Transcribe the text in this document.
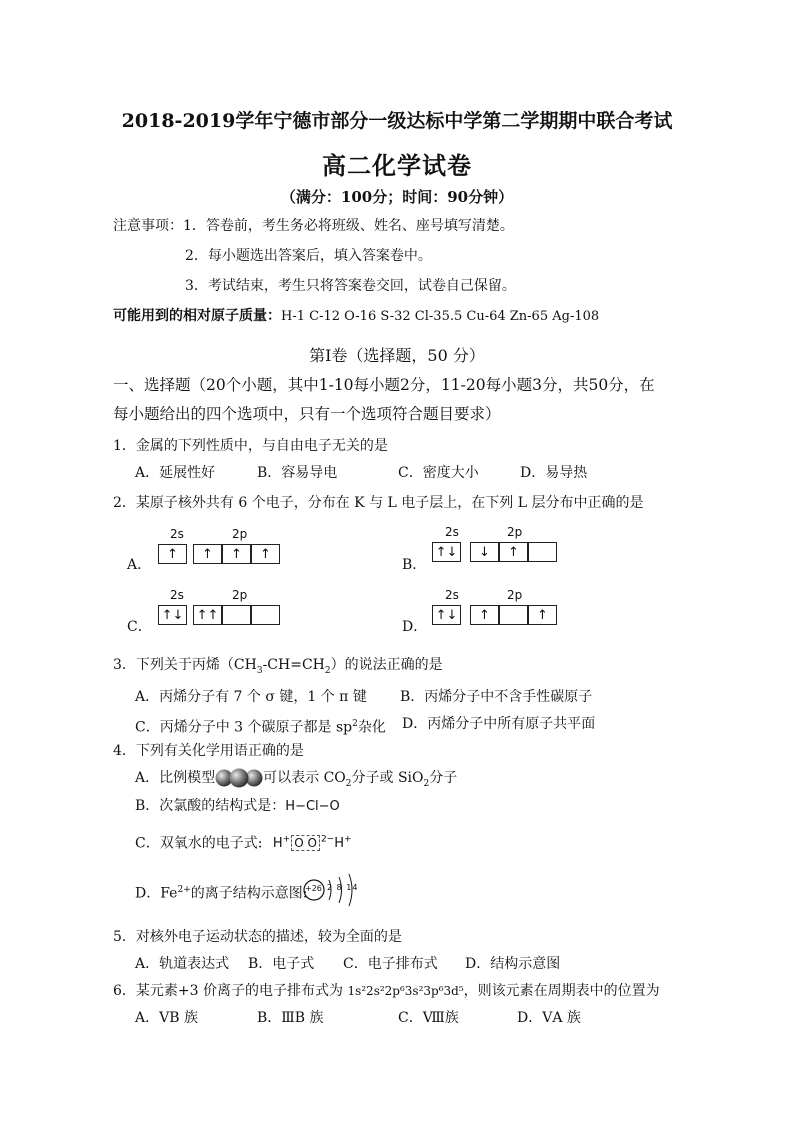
2018-2019学年宁德市部分一级达标中学第二学期期中联合考试
高二化学试卷
（满分：100分；时间：90分钟）
注意事项：1．答卷前，考生务必将班级、姓名、座号填写清楚。
2．每小题选出答案后，填入答案卷中。
3．考试结束，考生只将答案卷交回，试卷自己保留。
可能用到的相对原子质量：H-1 C-12 O-16 S-32 Cl-35.5 Cu-64 Zn-65 Ag-108
第Ⅰ卷（选择题，50 分）
一、选择题（20个小题，其中1-10每小题2分，11-20每小题3分，共50分，在
每小题给出的四个选项中，只有一个选项符合题目要求）
1．金属的下列性质中，与自由电子无关的是
A．延展性好	B．容易导电	C．密度大小	D．易导热
2．某原子核外共有 6 个电子，分布在 K 与 L 电子层上，在下列 L 层分布中正确的是
A．
2s	2p
↑	↑	↑	↑
B．
2s	2p
↑↓	↓	↑
C．
2s	2p
↑↓ ↑↑
D．
2s	2p
↑↓	↑	↑
3．下列关于丙烯$(CH_3-CH=CH_2)$的说法正确的是
A．丙烯分子有 7 个 σ 键，1 个 π 键 B．丙烯分子中不含手性碳原子
C．丙烯分子中 3 个碳原子都是 $sp^2$杂化 D．丙烯分子中所有原子共平面
4．下列有关化学用语正确的是
A．比例模型	可以表示 $CO_2$分子或 SiO$_2$分子
B．次氯酸的结构式是：H−Cl−O
C．双氧水的电子式: H+ O O $^{2-}$H+
D．$Fe^{2+}$的离子结构示意图:
+26 2 8 14
5．对核外电子运动状态的描述，较为全面的是
A．轨道表达式 B．电子式 C．电子排布式 D．结构示意图
6．某元素+3 价离子的电子排布式为 1s²2s²2p⁶3s²3p⁶3d⁵，则该元素在周期表中的位置为
A．ⅤB 族	B．ⅢB 族	C．Ⅷ族	D．ⅤA 族
